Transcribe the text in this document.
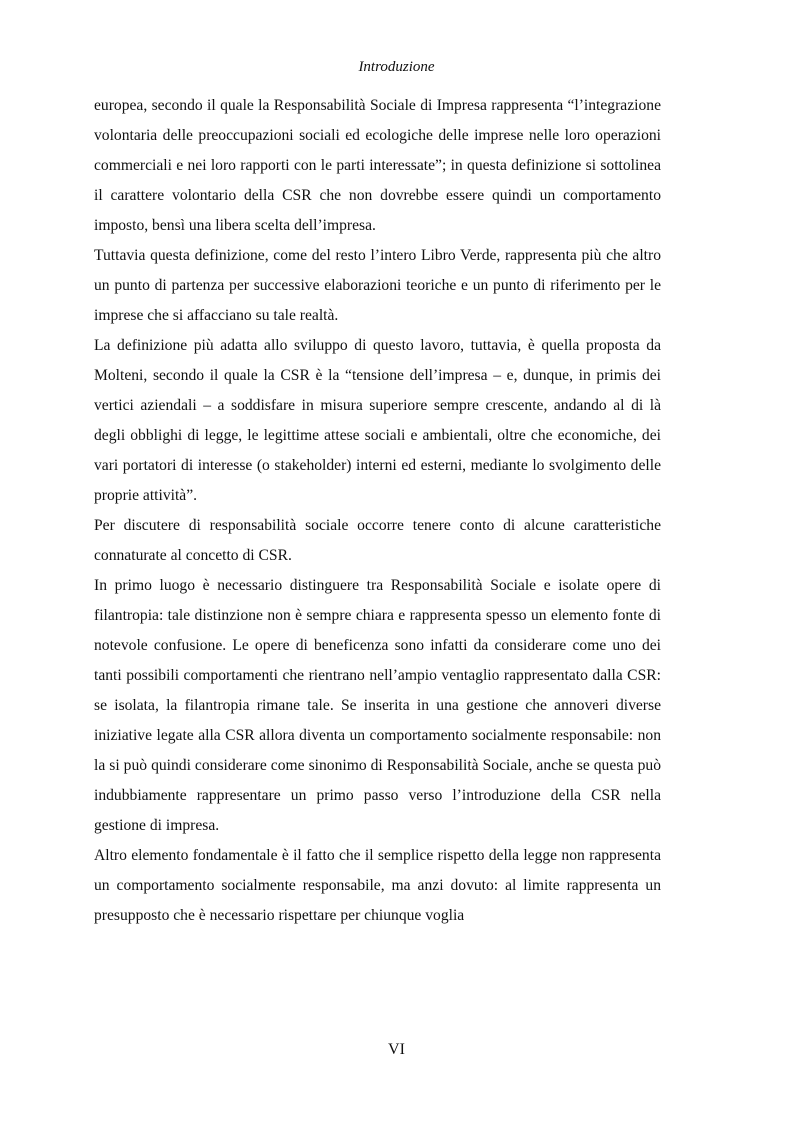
Introduzione

europea, secondo il quale la Responsabilità Sociale di Impresa rappresenta “l’integrazione volontaria delle preoccupazioni sociali ed ecologiche delle imprese nelle loro operazioni commerciali e nei loro rapporti con le parti interessate”; in questa definizione si sottolinea il carattere volontario della CSR che non dovrebbe essere quindi un comportamento imposto, bensì una libera scelta dell’impresa.

Tuttavia questa definizione, come del resto l’intero Libro Verde, rappresenta più che altro un punto di partenza per successive elaborazioni teoriche e un punto di riferimento per le imprese che si affacciano su tale realtà.

La definizione più adatta allo sviluppo di questo lavoro, tuttavia, è quella proposta da Molteni, secondo il quale la CSR è la “tensione dell’impresa – e, dunque, in primis dei vertici aziendali – a soddisfare in misura superiore sempre crescente, andando al di là degli obblighi di legge, le legittime attese sociali e ambientali, oltre che economiche, dei vari portatori di interesse (o stakeholder) interni ed esterni, mediante lo svolgimento delle proprie attività”.

Per discutere di responsabilità sociale occorre tenere conto di alcune caratteristiche connaturate al concetto di CSR.

In primo luogo è necessario distinguere tra Responsabilità Sociale e isolate opere di filantropia: tale distinzione non è sempre chiara e rappresenta spesso un elemento fonte di notevole confusione. Le opere di beneficenza sono infatti da considerare come uno dei tanti possibili comportamenti che rientrano nell’ampio ventaglio rappresentato dalla CSR: se isolata, la filantropia rimane tale. Se inserita in una gestione che annoveri diverse iniziative legate alla CSR allora diventa un comportamento socialmente responsabile: non la si può quindi considerare come sinonimo di Responsabilità Sociale, anche se questa può indubbiamente rappresentare un primo passo verso l’introduzione della CSR nella gestione di impresa.

Altro elemento fondamentale è il fatto che il semplice rispetto della legge non rappresenta un comportamento socialmente responsabile, ma anzi dovuto: al limite rappresenta un presupposto che è necessario rispettare per chiunque voglia

VI
